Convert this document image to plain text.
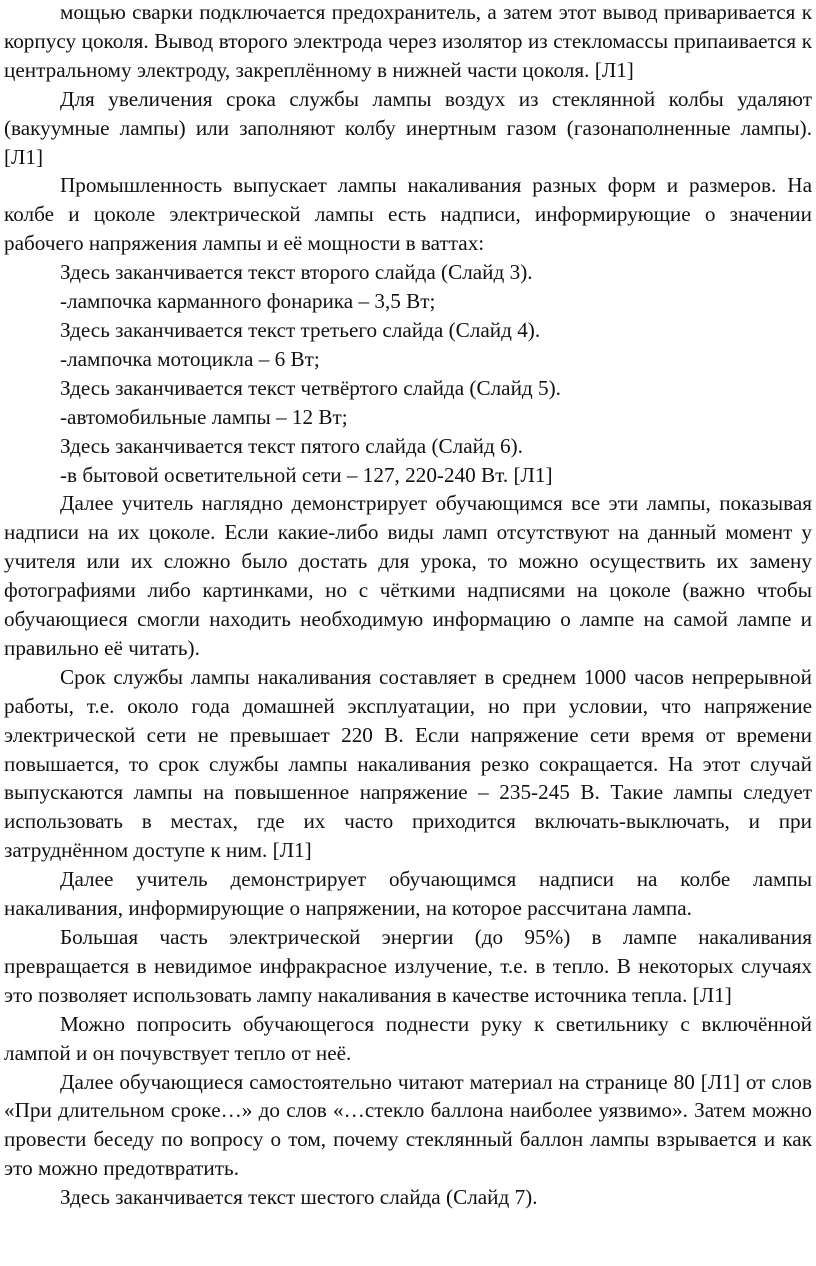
мощью сварки подключается предохранитель, а затем этот вывод приваривается к корпусу цоколя. Вывод второго электрода через изолятор из стекломассы припаивается к центральному электроду, закреплённому в нижней части цоколя. [Л1]

Для увеличения срока службы лампы воздух из стеклянной колбы удаляют (вакуумные лампы) или заполняют колбу инертным газом (газонаполненные лампы). [Л1]

Промышленность выпускает лампы накаливания разных форм и размеров. На колбе и цоколе электрической лампы есть надписи, информирующие о значении рабочего напряжения лампы и её мощности в ваттах:

Здесь заканчивается текст второго слайда (Слайд 3).

-лампочка карманного фонарика – 3,5 Вт;

Здесь заканчивается текст третьего слайда (Слайд 4).

-лампочка мотоцикла – 6 Вт;

Здесь заканчивается текст четвёртого слайда (Слайд 5).

-автомобильные лампы – 12 Вт;

Здесь заканчивается текст пятого слайда (Слайд 6).

-в бытовой осветительной сети – 127, 220-240 Вт. [Л1]

Далее учитель наглядно демонстрирует обучающимся все эти лампы, показывая надписи на их цоколе. Если какие-либо виды ламп отсутствуют на данный момент у учителя или их сложно было достать для урока, то можно осуществить их замену фотографиями либо картинками, но с чёткими надписями на цоколе (важно чтобы обучающиеся смогли находить необходимую информацию о лампе на самой лампе и правильно её читать).

Срок службы лампы накаливания составляет в среднем 1000 часов непрерывной работы, т.е. около года домашней эксплуатации, но при условии, что напряжение электрической сети не превышает 220 В. Если напряжение сети время от времени повышается, то срок службы лампы накаливания резко сокращается. На этот случай выпускаются лампы на повышенное напряжение – 235-245 В. Такие лампы следует использовать в местах, где их часто приходится включать-выключать, и при затруднённом доступе к ним. [Л1]

Далее учитель демонстрирует обучающимся надписи на колбе лампы накаливания, информирующие о напряжении, на которое рассчитана лампа.

Большая часть электрической энергии (до 95%) в лампе накаливания превращается в невидимое инфракрасное излучение, т.е. в тепло. В некоторых случаях это позволяет использовать лампу накаливания в качестве источника тепла. [Л1]

Можно попросить обучающегося поднести руку к светильнику с включённой лампой и он почувствует тепло от неё.

Далее обучающиеся самостоятельно читают материал на странице 80 [Л1] от слов «При длительном сроке…» до слов «…стекло баллона наиболее уязвимо». Затем можно провести беседу по вопросу о том, почему стеклянный баллон лампы взрывается и как это можно предотвратить.

Здесь заканчивается текст шестого слайда (Слайд 7).
